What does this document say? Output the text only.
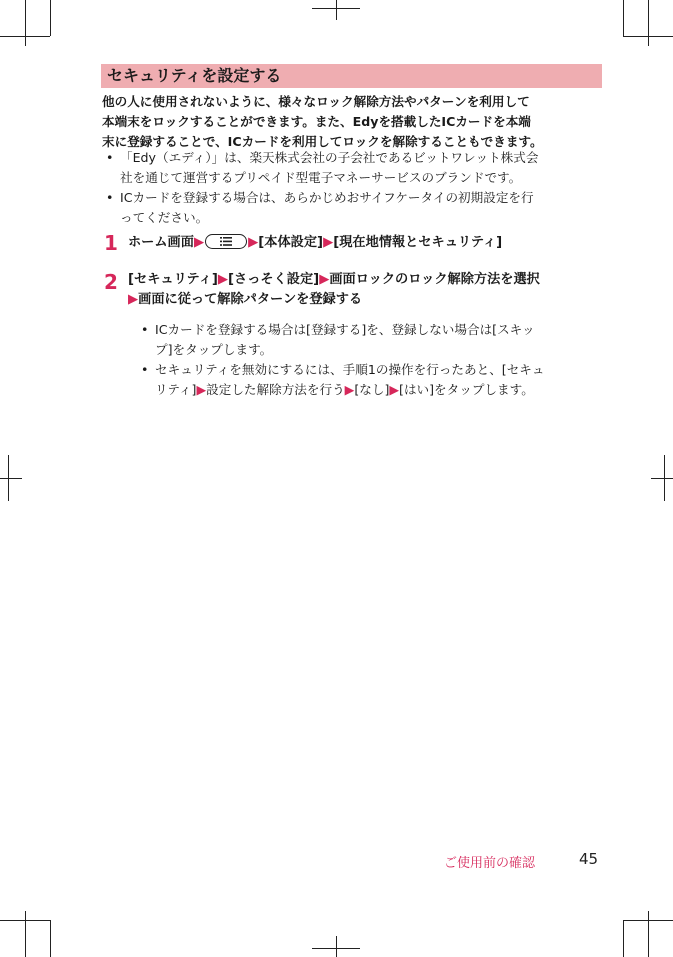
セキュリティを設定する

他の人に使用されないように、様々なロック解除方法やパターンを利用して

本端末をロックすることができます。また、Edyを搭載したICカードを本端

末に登録することで、ICカードを利用してロックを解除することもできます。

• 「Edy（エディ）」は、楽天株式会社の子会社であるビットワレット株式会
社を通じて運営するプリペイド型電子マネーサービスのブランドです。
• ICカードを登録する場合は、あらかじめおサイフケータイの初期設定を行
ってください。
1 ホーム画面▶	▶[本体設定]▶[現在地情報とセキュリティ]
2 [セキュリティ]▶[さっそく設定]▶画面ロックのロック解除方法を選択
▶画面に従って解除パターンを登録する
• ICカードを登録する場合は[登録する]を、登録しない場合は[スキッ
プ]をタップします。
• セキュリティを無効にするには、手順1の操作を行ったあと、[セキュ
リティ]▶設定した解除方法を行う▶[なし]▶[はい]をタップします。
ご使用前の確認	45
